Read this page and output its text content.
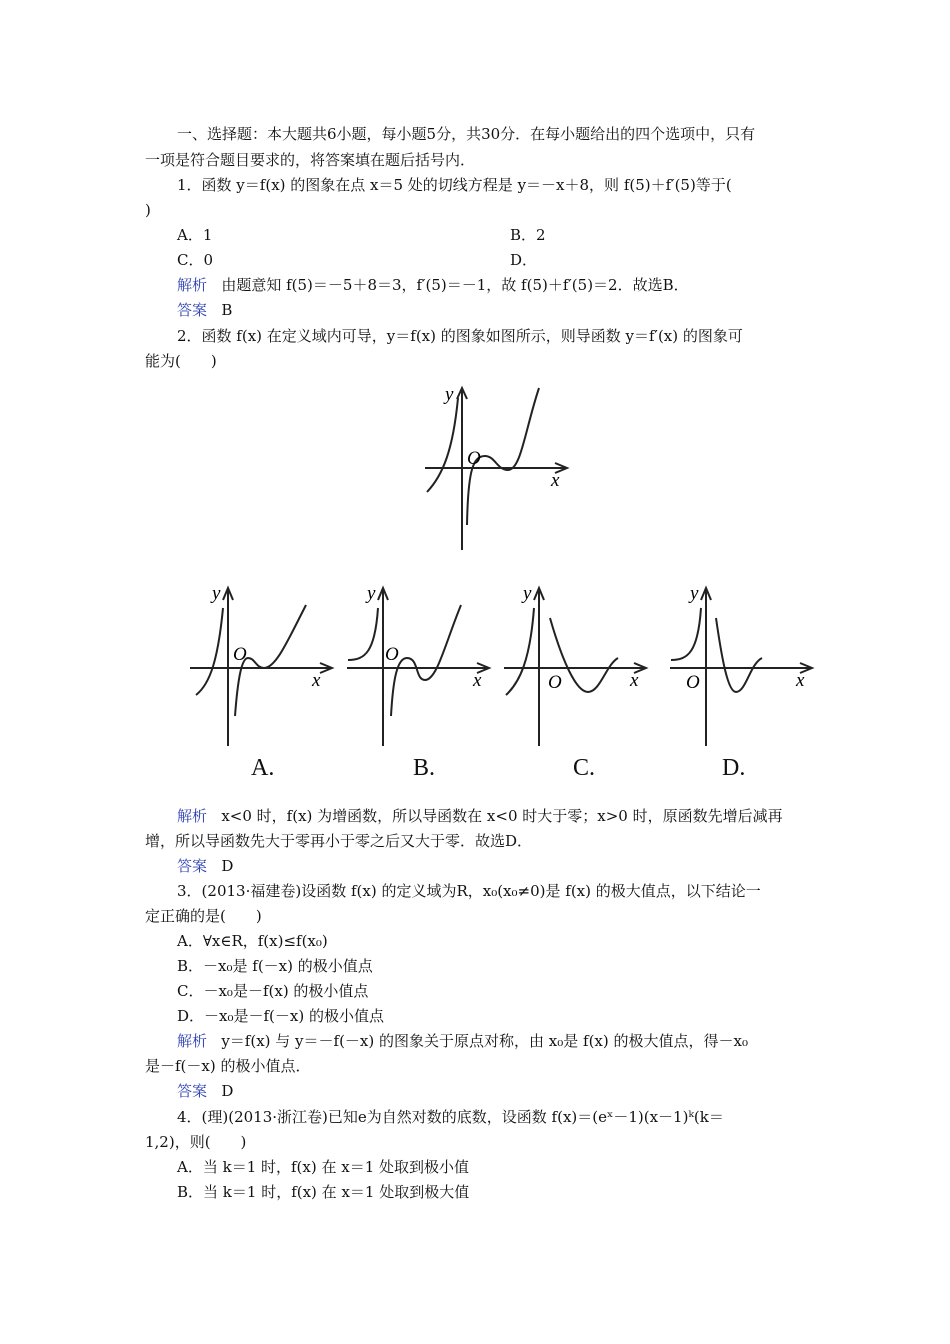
一、选择题：本大题共6小题，每小题5分，共30分．在每小题给出的四个选项中，只有
一项是符合题目要求的，将答案填在题后括号内．
1．函数 y＝f(x) 的图象在点 x＝5 处的切线方程是 y＝－x＋8，则 f(5)＋f′(5)等于(
)
A．1	B．2
C．0	D．
解析 由题意知 f(5)＝－5＋8＝3，f′(5)＝－1，故 f(5)＋f′(5)＝2．故选B．
答案 B
2．函数 f(x) 在定义域内可导，y＝f(x) 的图象如图所示，则导函数 y＝f′(x) 的图象可
能为(　　)
y
x
O
y
x
O
A.
y
x
O
B.
y
x
O
C.
y
x
O
D.
解析 x<0 时，f(x) 为增函数，所以导函数在 x<0 时大于零；x>0 时，原函数先增后减再
增，所以导函数先大于零再小于零之后又大于零．故选D．
答案 D
3．(2013·福建卷)设函数 f(x) 的定义域为R，x₀(x₀≠0)是 f(x) 的极大值点，以下结论一
定正确的是(　　)
A．∀x∈R，f(x)≤f(x₀)
B．－x₀是 f(－x) 的极小值点
C．－x₀是－f(x) 的极小值点
D．－x₀是－f(－x) 的极小值点
解析 y＝f(x) 与 y＝－f(－x) 的图象关于原点对称，由 x₀是 f(x) 的极大值点，得－x₀
是－f(－x) 的极小值点．
答案 D
4．(理)(2013·浙江卷)已知e为自然对数的底数，设函数 f(x)＝(eˣ－1)(x－1)ᵏ(k＝
1,2)，则(　　)
A．当 k＝1 时，f(x) 在 x＝1 处取到极小值
B．当 k＝1 时，f(x) 在 x＝1 处取到极大值
